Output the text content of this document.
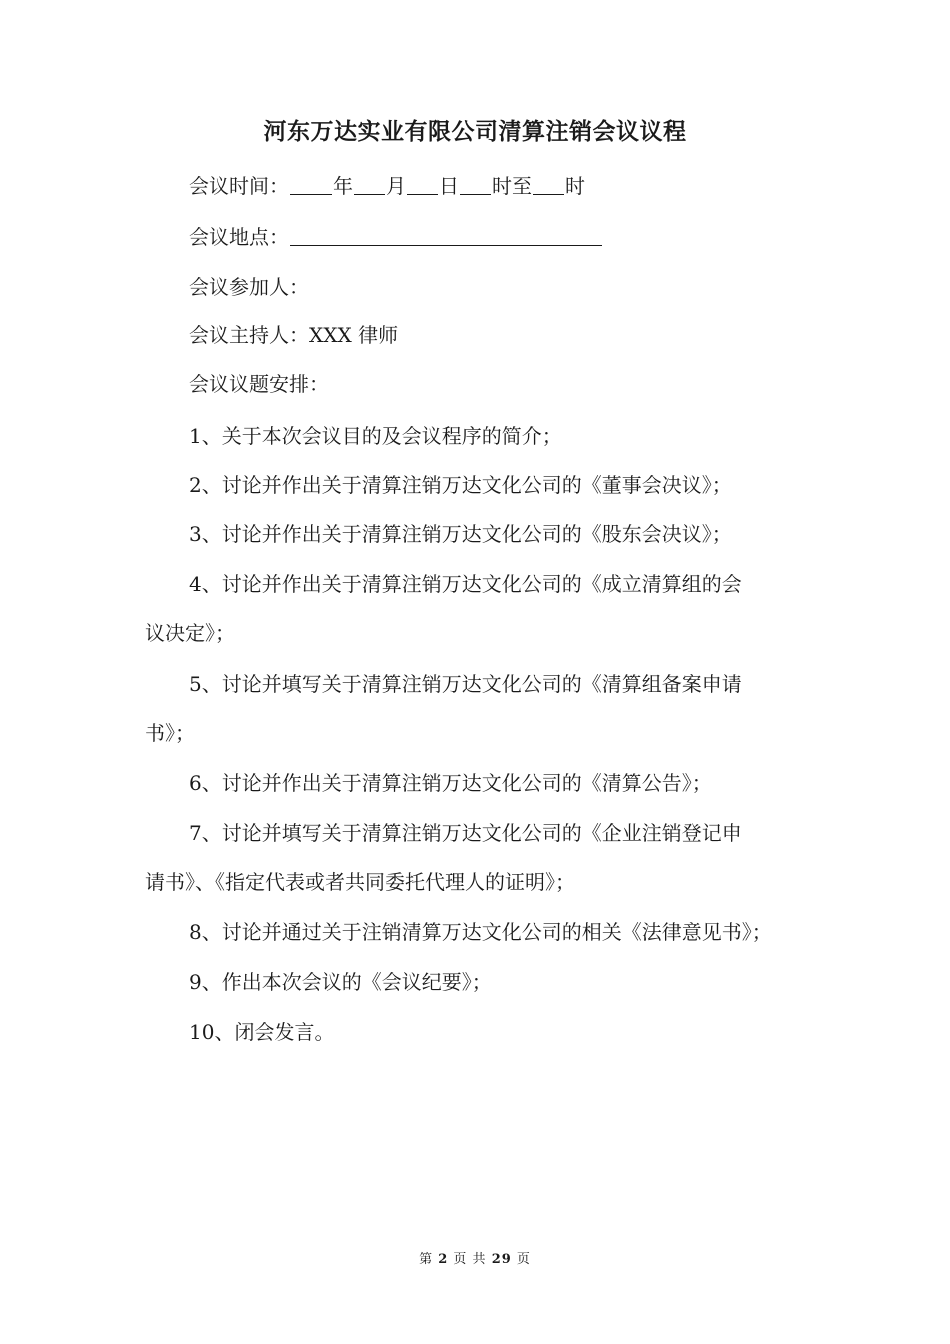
河东万达实业有限公司清算注销会议议程
会议时间： 年 月 日 时至 时
会议地点：
会议参加人：
会议主持人：XXX 律师
会议议题安排：
1、关于本次会议目的及会议程序的简介；
2、讨论并作出关于清算注销万达文化公司的《董事会决议》；
3、讨论并作出关于清算注销万达文化公司的《股东会决议》；
4、讨论并作出关于清算注销万达文化公司的《成立清算组的会
议决定》；
5、讨论并填写关于清算注销万达文化公司的《清算组备案申请
书》；
6、讨论并作出关于清算注销万达文化公司的《清算公告》；
7、讨论并填写关于清算注销万达文化公司的《企业注销登记申
请书》、《指定代表或者共同委托代理人的证明》；
8、讨论并通过关于注销清算万达文化公司的相关《法律意见书》；
9、作出本次会议的《会议纪要》；
10、闭会发言。
第 2 页 共 29 页
